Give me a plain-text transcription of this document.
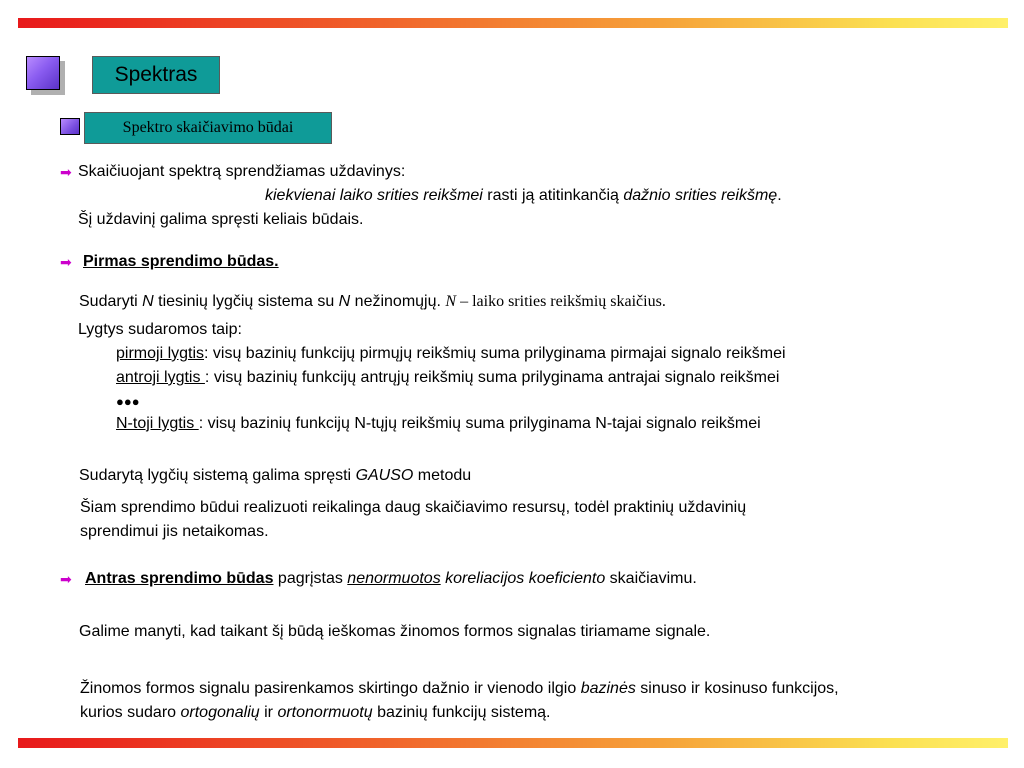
Spektras
Spektro skaičiavimo būdai
➡ Skaičiuojant spektrą sprendžiamas uždavinys:
kiekvienai laiko srities reikšmei rasti ją atitinkančią dažnio srities reikšmę.
Šį uždavinį galima spręsti keliais būdais.
➡ Pirmas sprendimo būdas.
Sudaryti N tiesinių lygčių sistema su N nežinomųjų. N – laiko srities reikšmių skaičius.
Lygtys sudaromos taip:
pirmoji lygtis: visų bazinių funkcijų pirmųjų reikšmių suma prilyginama pirmajai signalo reikšmei
antroji lygtis : visų bazinių funkcijų antrųjų reikšmių suma prilyginama antrajai signalo reikšmei
●●●
N-toji lygtis : visų bazinių funkcijų N-tųjų reikšmių suma prilyginama N-tajai signalo reikšmei
Sudarytą lygčių sistemą galima spręsti GAUSO metodu
Šiam sprendimo būdui realizuoti reikalinga daug skaičiavimo resursų, todėl praktinių uždavinių
sprendimui jis netaikomas.
➡ Antras sprendimo būdas pagrįstas nenormuotos koreliacijos koeficiento skaičiavimu.
Galime manyti, kad taikant šį būdą ieškomas žinomos formos signalas tiriamame signale.
Žinomos formos signalu pasirenkamos skirtingo dažnio ir vienodo ilgio bazinės sinuso ir kosinuso funkcijos,
kurios sudaro ortogonalių ir ortonormuotų bazinių funkcijų sistemą.
